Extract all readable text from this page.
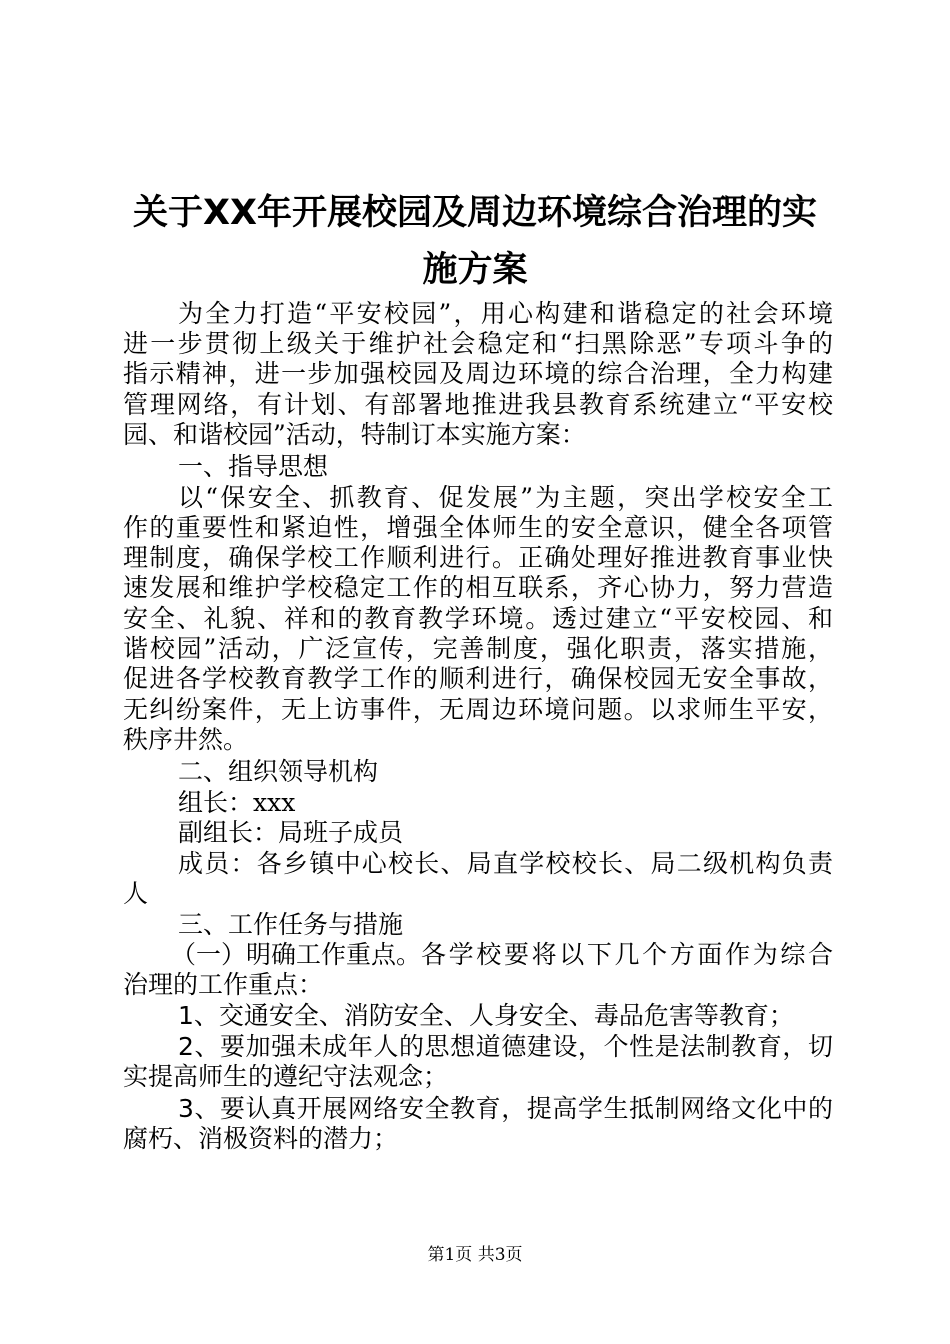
关于XX年开展校园及周边环境综合治理的实
施方案
为全力打造“平安校园”，用心构建和谐稳定的社会环境
进一步贯彻上级关于维护社会稳定和“扫黑除恶”专项斗争的
指示精神，进一步加强校园及周边环境的综合治理，全力构建
管理网络，有计划、有部署地推进我县教育系统建立“平安校
园、和谐校园”活动，特制订本实施方案：
一、指导思想
以“保安全、抓教育、促发展”为主题，突出学校安全工
作的重要性和紧迫性，增强全体师生的安全意识，健全各项管
理制度，确保学校工作顺利进行。正确处理好推进教育事业快
速发展和维护学校稳定工作的相互联系，齐心协力，努力营造
安全、礼貌、祥和的教育教学环境。透过建立“平安校园、和
谐校园”活动，广泛宣传，完善制度，强化职责，落实措施，
促进各学校教育教学工作的顺利进行，确保校园无安全事故，
无纠纷案件，无上访事件，无周边环境问题。以求师生平安，
秩序井然。
二、组织领导机构
组长：xxx
副组长：局班子成员
成员：各乡镇中心校长、局直学校校长、局二级机构负责
人
三、工作任务与措施
（一）明确工作重点。 各学校要将以下几个方面作为综合
治理的工作重点：
1、交通安全、消防安全、人身安全、毒品危害等教育；
2、要加强未成年人的思想道德建设，个性是法制教育，切
实提高师生的遵纪守法观念；
3、要认真开展网络安全教育，提高学生抵制网络文化中的
腐朽、消极资料的潜力；
第1页 共3页
